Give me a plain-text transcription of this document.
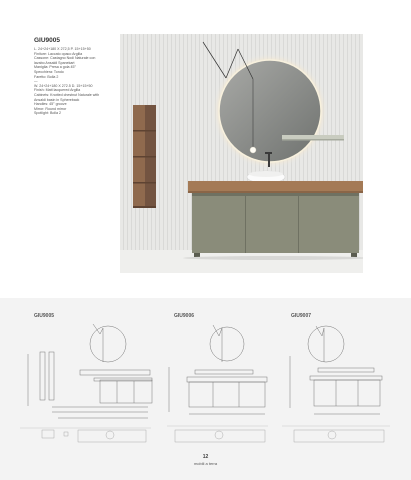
GIU9005
L. 24+24+180 X 272,5 P. 15+15+50
Finiture: Laccato opaco Argilla
Cassone: Castagno Nodi Naturale con
lavabo Ansaldi Spanekart
Maniglia: Presa a gola 45°
Specchiera: Tondo
Faretto: Bolla 2
—
W. 24+24+180 X 272.5 D. 15+15+50
Finish: Matt lacquered Argilla
Cabinets: Knotted chestnut Naturale with
Ansaldi basin in Sphereback
Handles: 45° groove
Mirror: Round mirror
Spotlight: Bolla 2
GIU9005	GIU9006	GIU9007
12
mobili a terra
